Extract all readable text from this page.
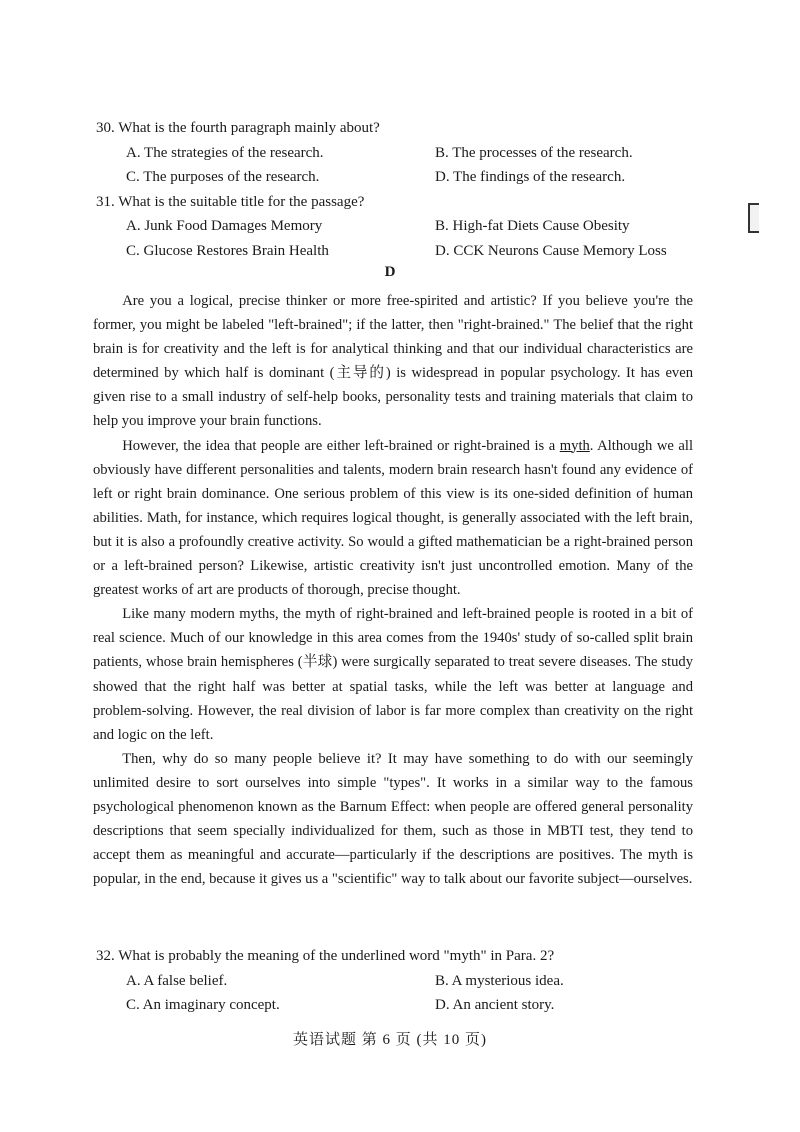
30. What is the fourth paragraph mainly about?
A. The strategies of the research.	B. The processes of the research.
C. The purposes of the research.	D. The findings of the research.
31. What is the suitable title for the passage?
A. Junk Food Damages Memory	B. High-fat Diets Cause Obesity
C. Glucose Restores Brain Health	D. CCK Neurons Cause Memory Loss
D

Are you a logical, precise thinker or more free-spirited and artistic? If you believe you're the former, you might be labeled "left-brained"; if the latter, then "right-brained." The belief that the right brain is for creativity and the left is for analytical thinking and that our individual characteristics are determined by which half is dominant (主导的) is widespread in popular psychology. It has even given rise to a small industry of self-help books, personality tests and training materials that claim to help you improve your brain functions.

However, the idea that people are either left-brained or right-brained is a myth. Although we all obviously have different personalities and talents, modern brain research hasn't found any evidence of left or right brain dominance. One serious problem of this view is its one-sided definition of human abilities. Math, for instance, which requires logical thought, is generally associated with the left brain, but it is also a profoundly creative activity. So would a gifted mathematician be a right-brained person or a left-brained person? Likewise, artistic creativity isn't just uncontrolled emotion. Many of the greatest works of art are products of thorough, precise thought.

Like many modern myths, the myth of right-brained and left-brained people is rooted in a bit of real science. Much of our knowledge in this area comes from the 1940s' study of so-called split brain patients, whose brain hemispheres (半球) were surgically separated to treat severe diseases. The study showed that the right half was better at spatial tasks, while the left was better at language and problem-solving. However, the real division of labor is far more complex than creativity on the right and logic on the left.

Then, why do so many people believe it? It may have something to do with our seemingly unlimited desire to sort ourselves into simple "types". It works in a similar way to the famous psychological phenomenon known as the Barnum Effect: when people are offered general personality descriptions that seem specially individualized for them, such as those in MBTI test, they tend to accept them as meaningful and accurate—particularly if the descriptions are positives. The myth is popular, in the end, because it gives us a "scientific" way to talk about our favorite subject—ourselves.

32. What is probably the meaning of the underlined word "myth" in Para. 2?
A. A false belief.	B. A mysterious idea.
C. An imaginary concept.	D. An ancient story.
英语试题 第 6 页 (共 10 页)
